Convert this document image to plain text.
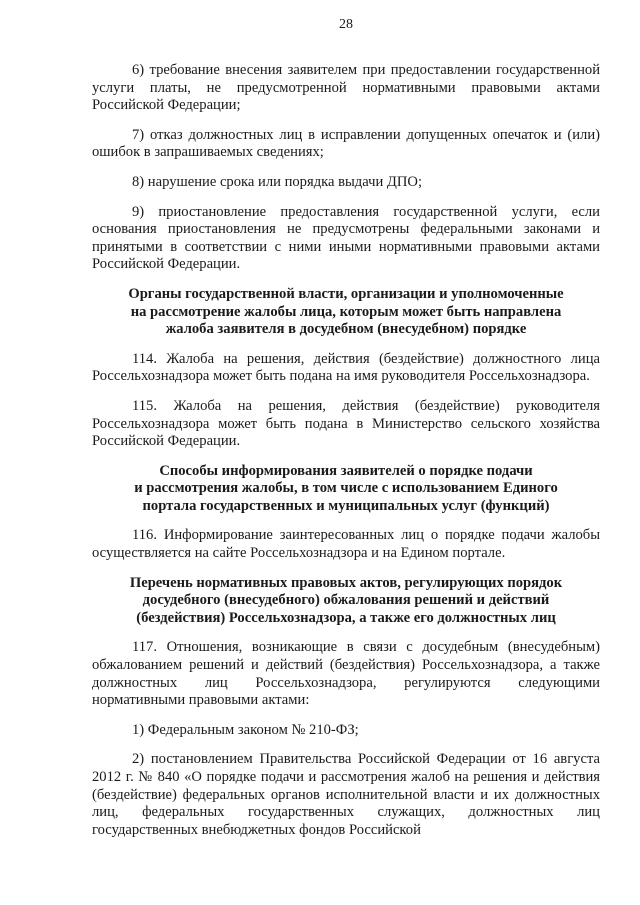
28

6) требование внесения заявителем при предоставлении государственной услуги платы, не предусмотренной нормативными правовыми актами Российской Федерации;

7) отказ должностных лиц в исправлении допущенных опечаток и (или) ошибок в запрашиваемых сведениях;

8) нарушение срока или порядка выдачи ДПО;

9) приостановление предоставления государственной услуги, если основания приостановления не предусмотрены федеральными законами и принятыми в соответствии с ними иными нормативными правовыми актами Российской Федерации.

Органы государственной власти, организации и уполномоченные
на рассмотрение жалобы лица, которым может быть направлена
жалоба заявителя в досудебном (внесудебном) порядке

114. Жалоба на решения, действия (бездействие) должностного лица Россельхознадзора может быть подана на имя руководителя Россельхознадзора.

115. Жалоба на решения, действия (бездействие) руководителя Россельхознадзора может быть подана в Министерство сельского хозяйства Российской Федерации.

Способы информирования заявителей о порядке подачи
и рассмотрения жалобы, в том числе с использованием Единого
портала государственных и муниципальных услуг (функций)

116. Информирование заинтересованных лиц о порядке подачи жалобы осуществляется на сайте Россельхознадзора и на Едином портале.

Перечень нормативных правовых актов, регулирующих порядок
досудебного (внесудебного) обжалования решений и действий
(бездействия) Россельхознадзора, а также его должностных лиц

117. Отношения, возникающие в связи с досудебным (внесудебным) обжалованием решений и действий (бездействия) Россельхознадзора, а также должностных лиц Россельхознадзора, регулируются следующими нормативными правовыми актами:

1) Федеральным законом № 210-ФЗ;

2) постановлением Правительства Российской Федерации от 16 августа 2012 г. № 840 «О порядке подачи и рассмотрения жалоб на решения и действия (бездействие) федеральных органов исполнительной власти и их должностных лиц, федеральных государственных служащих, должностных лиц государственных внебюджетных фондов Российской
